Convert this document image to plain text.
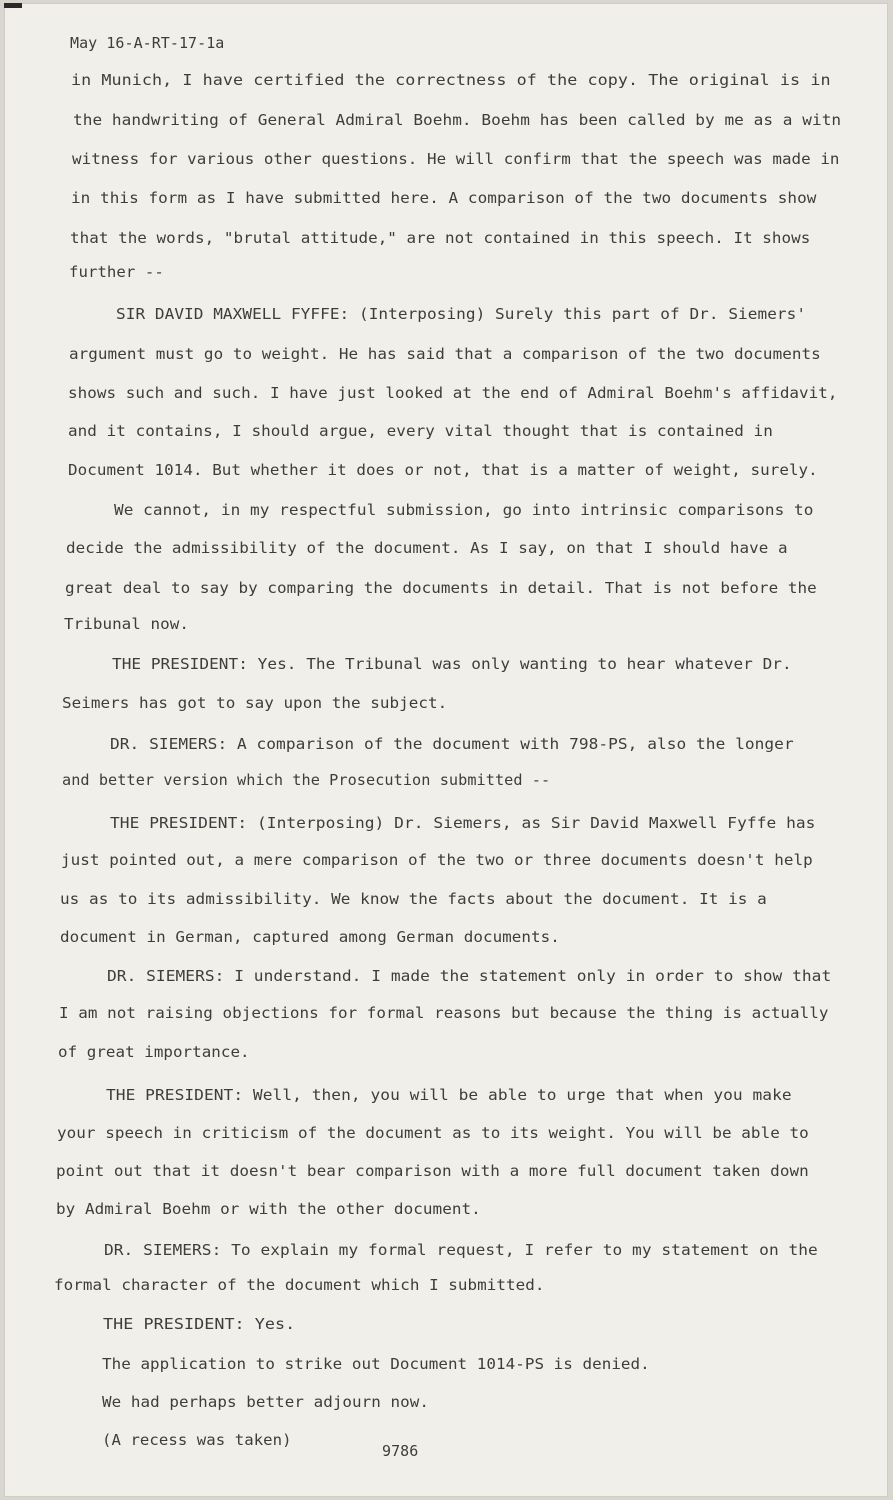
May 16-A-RT-17-1a
in Munich, I have certified the correctness of the copy. The original is in
the handwriting of General Admiral Boehm. Boehm has been called by me as a witn
witness for various other questions. He will confirm that the speech was made in
in this form as I have submitted here. A comparison of the two documents show
that the words, "brutal attitude," are not contained in this speech. It shows
further --
SIR DAVID MAXWELL FYFFE: (Interposing) Surely this part of Dr. Siemers'
argument must go to weight. He has said that a comparison of the two documents
shows such and such. I have just looked at the end of Admiral Boehm's affidavit,
and it contains, I should argue, every vital thought that is contained in
Document 1014. But whether it does or not, that is a matter of weight, surely.
We cannot, in my respectful submission, go into intrinsic comparisons to
decide the admissibility of the document. As I say, on that I should have a
great deal to say by comparing the documents in detail. That is not before the
Tribunal now.
THE PRESIDENT: Yes. The Tribunal was only wanting to hear whatever Dr.
Seimers has got to say upon the subject.
DR. SIEMERS: A comparison of the document with 798-PS, also the longer
and better version which the Prosecution submitted --
THE PRESIDENT: (Interposing) Dr. Siemers, as Sir David Maxwell Fyffe has
just pointed out, a mere comparison of the two or three documents doesn't help
us as to its admissibility. We know the facts about the document. It is a
document in German, captured among German documents.
DR. SIEMERS: I understand. I made the statement only in order to show that
I am not raising objections for formal reasons but because the thing is actually
of great importance.
THE PRESIDENT: Well, then, you will be able to urge that when you make
your speech in criticism of the document as to its weight. You will be able to
point out that it doesn't bear comparison with a more full document taken down
by Admiral Boehm or with the other document.
DR. SIEMERS: To explain my formal request, I refer to my statement on the
formal character of the document which I submitted.
THE PRESIDENT: Yes.
The application to strike out Document 1014-PS is denied.
We had perhaps better adjourn now.
(A recess was taken)
9786
